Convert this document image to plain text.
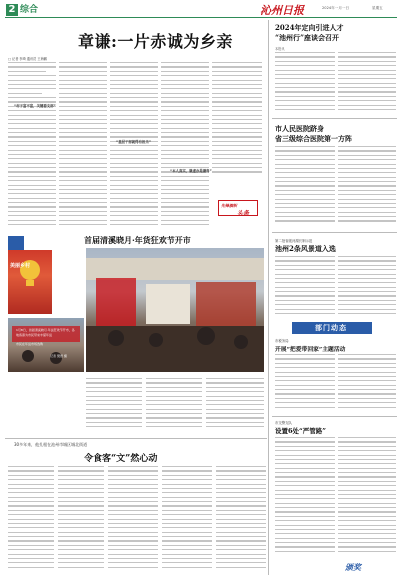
2 综合	沁州日报	2024年一月一日	星期五
章谦:一片赤诚为乡亲
□ 记者 李琦 通讯员 王海鹏
“村子富不富，关键看支部”
“基层干部就得有担当”
“本人真实，谦虚亦是谦卑”
先锋旗帜
头条
2024年定向引进人才
“池州行”座谈会召开
本报讯
市人民医院跻身
省三级综合医院第一方阵
首届清溪晓月·年货狂欢节开市
美丽乡村
1月8日，首届清溪晓月·年货狂欢节开市，各地客商为市民带来丰富年货
市民在年货市场选购
记者 樊德 摄
第二批省级河湖长制示范
池州2条风景道入选
部门动态
市税务局
开展“把爱带回家”主题活动
30多年来，他扎根在池州市城区城北街道
令食客“文”然心动
市交警支队
设置6处“严管路”
颁奖
